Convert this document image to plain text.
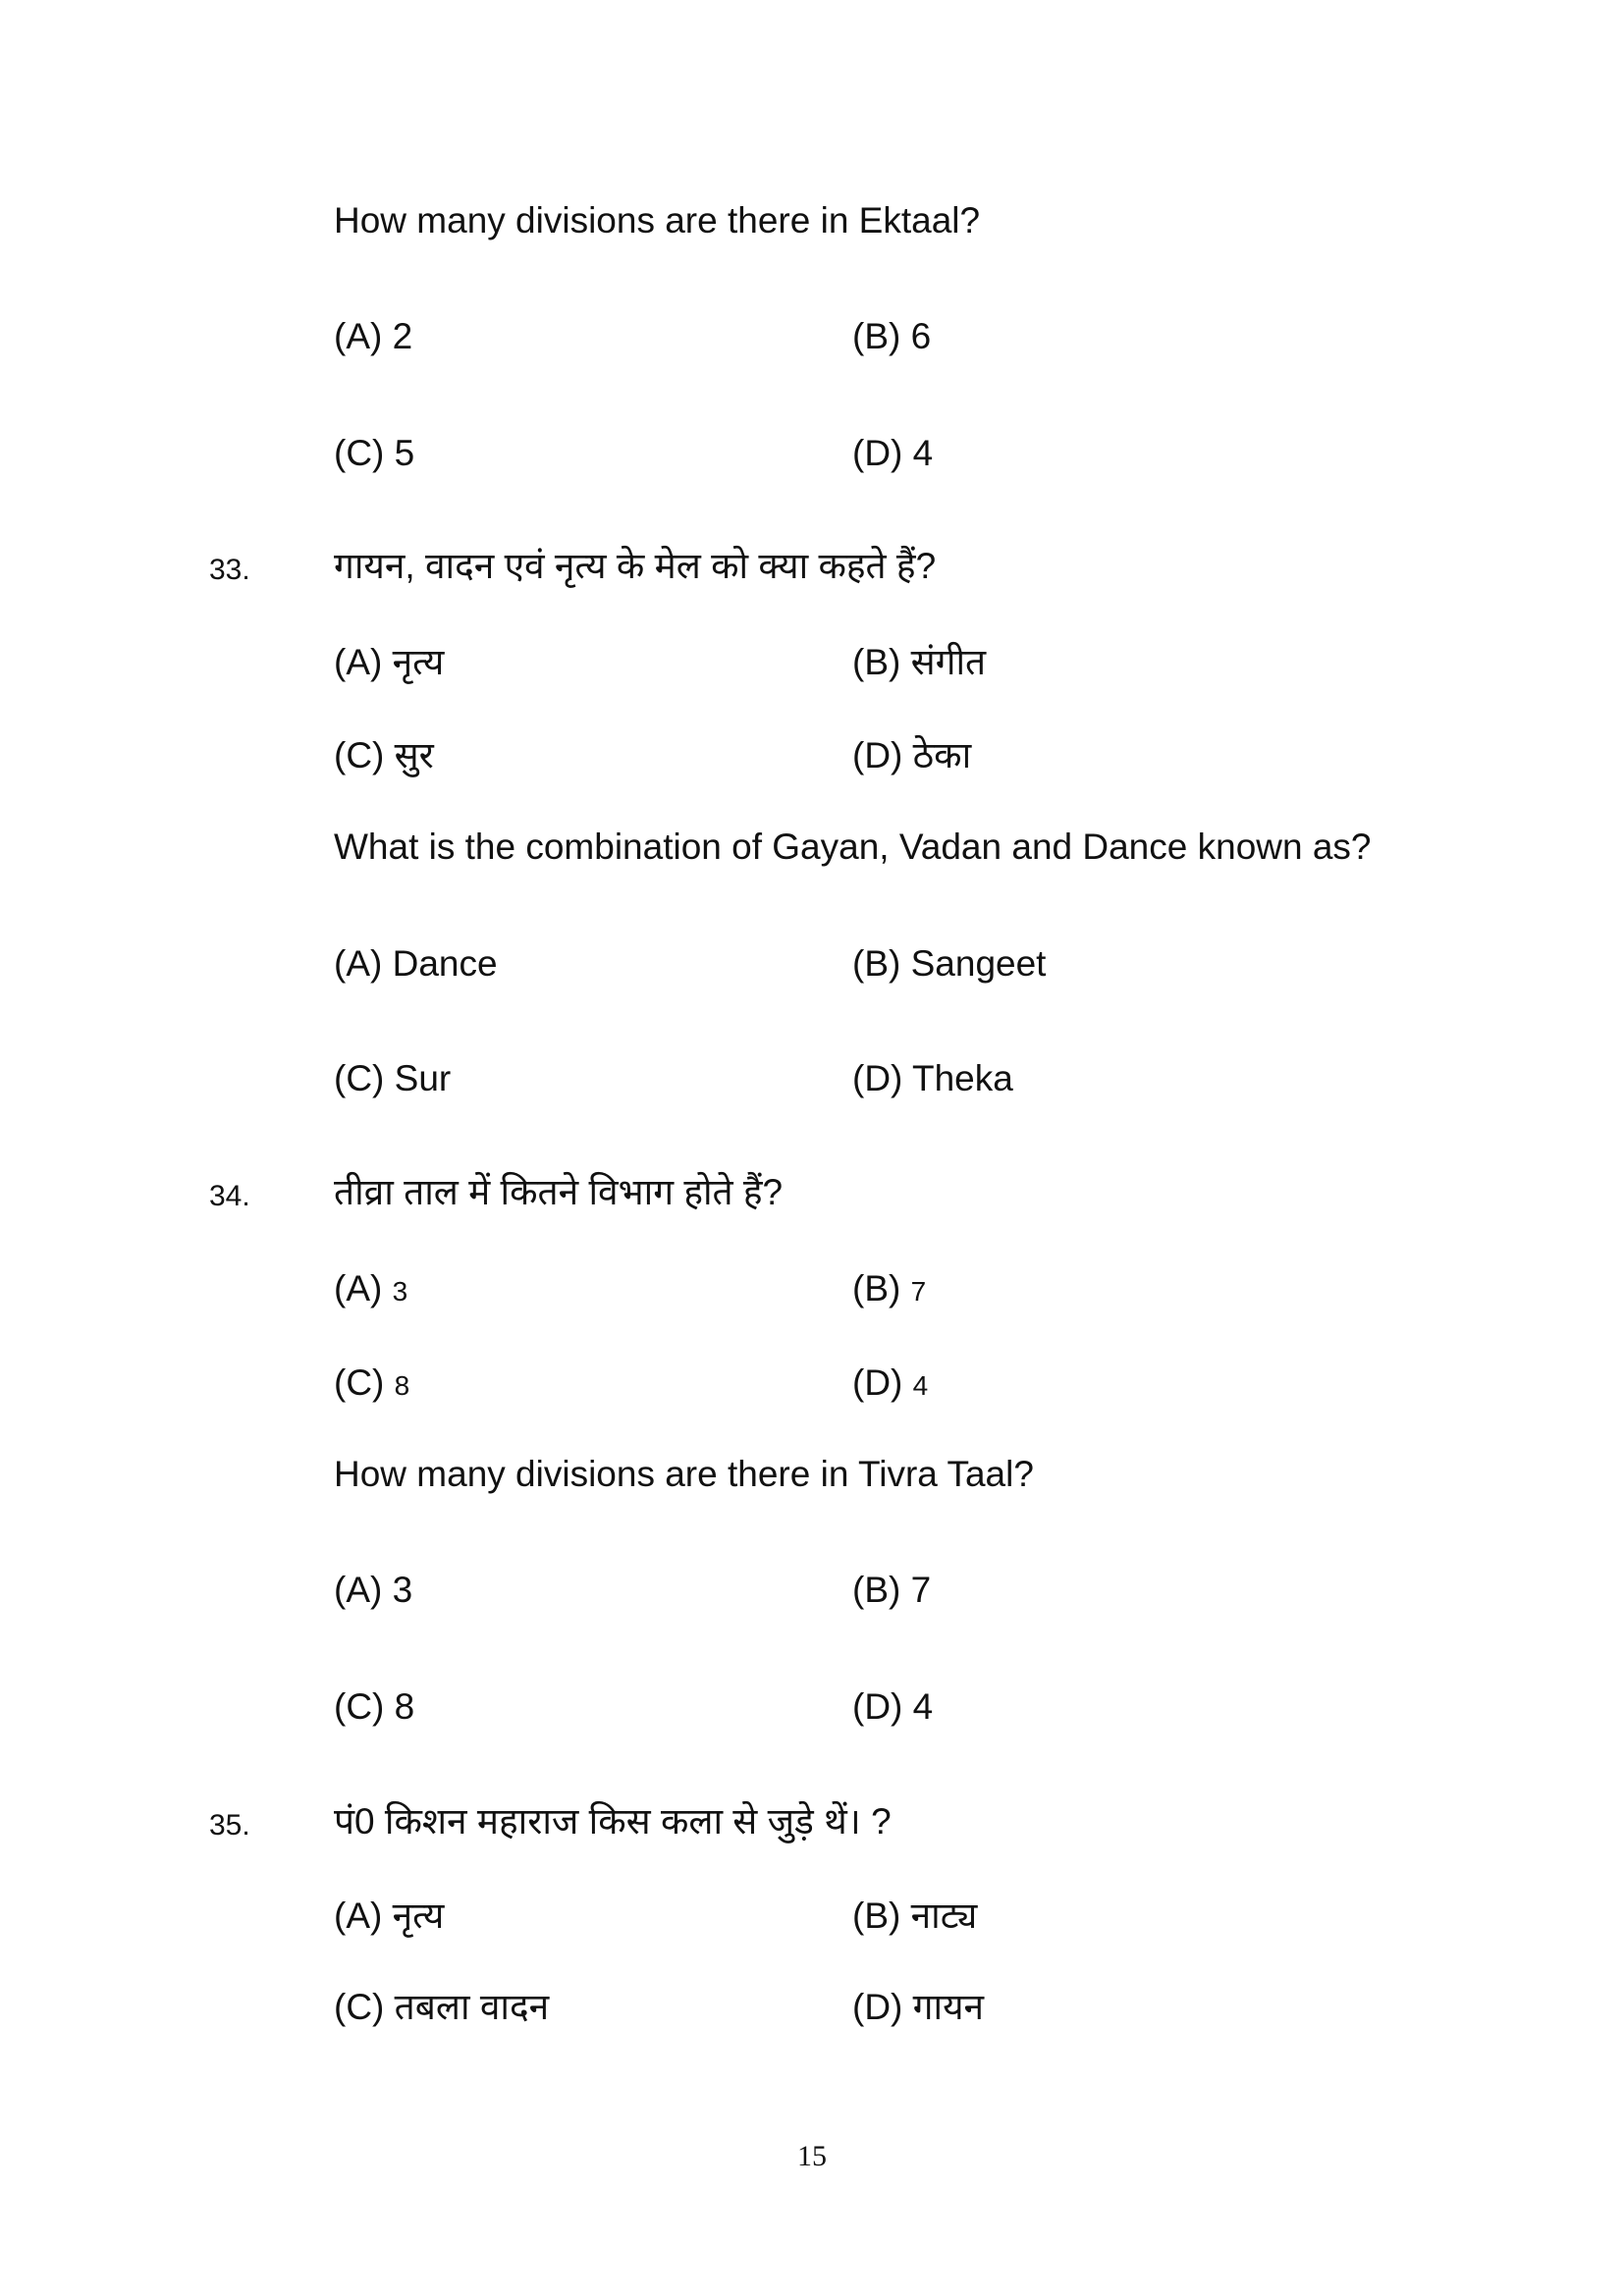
How many divisions are there in Ektaal?
(A) 2	(B) 6
(C) 5	(D) 4
33. गायन, वादन एवं नृत्य के मेल को क्या कहते हैं?
(A) नृत्य	(B) संगीत
(C) सुर	(D) ठेका
What is the combination of Gayan, Vadan and Dance known as?
(A) Dance	(B) Sangeet
(C) Sur	(D) Theka
34. तीव्रा ताल में कितने विभाग होते हैं?
(A) 3	(B) 7
(C) 8	(D) 4
How many divisions are there in Tivra Taal?
(A) 3	(B) 7
(C) 8	(D) 4
35. पं0 किशन महाराज किस कला से जुड़े थें। ?
(A) नृत्य	(B) नाट्य
(C) तबला वादन	(D) गायन
15
